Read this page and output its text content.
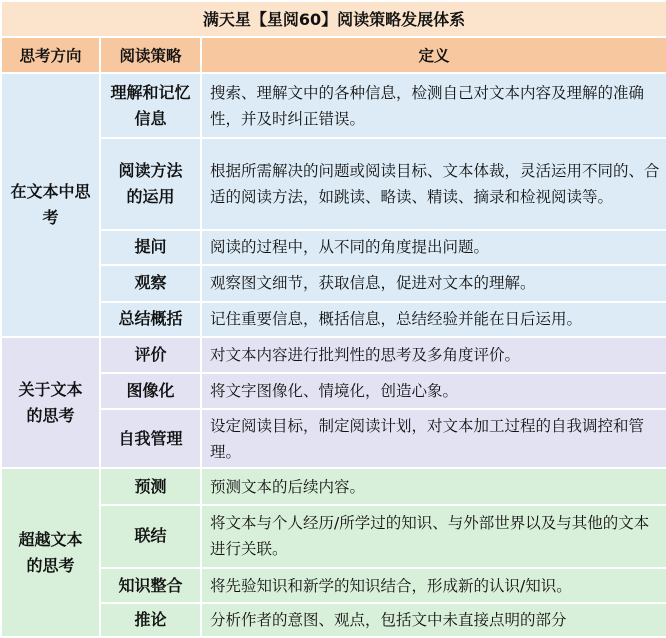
满天星【星阅60】阅读策略发展体系		
思考方向	阅读策略	定义

在文本中思考	理解和记忆信息	搜索、理解文中的各种信息，检测自己对文本内容及理解的准确性，并及时纠正错误。

	阅读方法的运用	根据所需解决的问题或阅读目标、文本体裁，灵活运用不同的、合适的阅读方法，如跳读、略读、精读、摘录和检视阅读等。
	提问	阅读的过程中，从不同的角度提出问题。
	观察	观察图文细节，获取信息，促进对文本的理解。
	总结概括	记住重要信息，概括信息，总结经验并能在日后运用。

关于文本的思考	评价	对文本内容进行批判性的思考及多角度评价。
	图像化	将文字图像化、情境化，创造心象。
	自我管理	设定阅读目标，制定阅读计划，对文本加工过程的自我调控和管理。

超越文本的思考	预测	预测文本的后续内容。
	联结	将文本与个人经历/所学过的知识、与外部世界以及与其他的文本进行关联。
	知识整合	将先验知识和新学的知识结合，形成新的认识/知识。
	推论	分析作者的意图、观点，包括文中未直接点明的部分
